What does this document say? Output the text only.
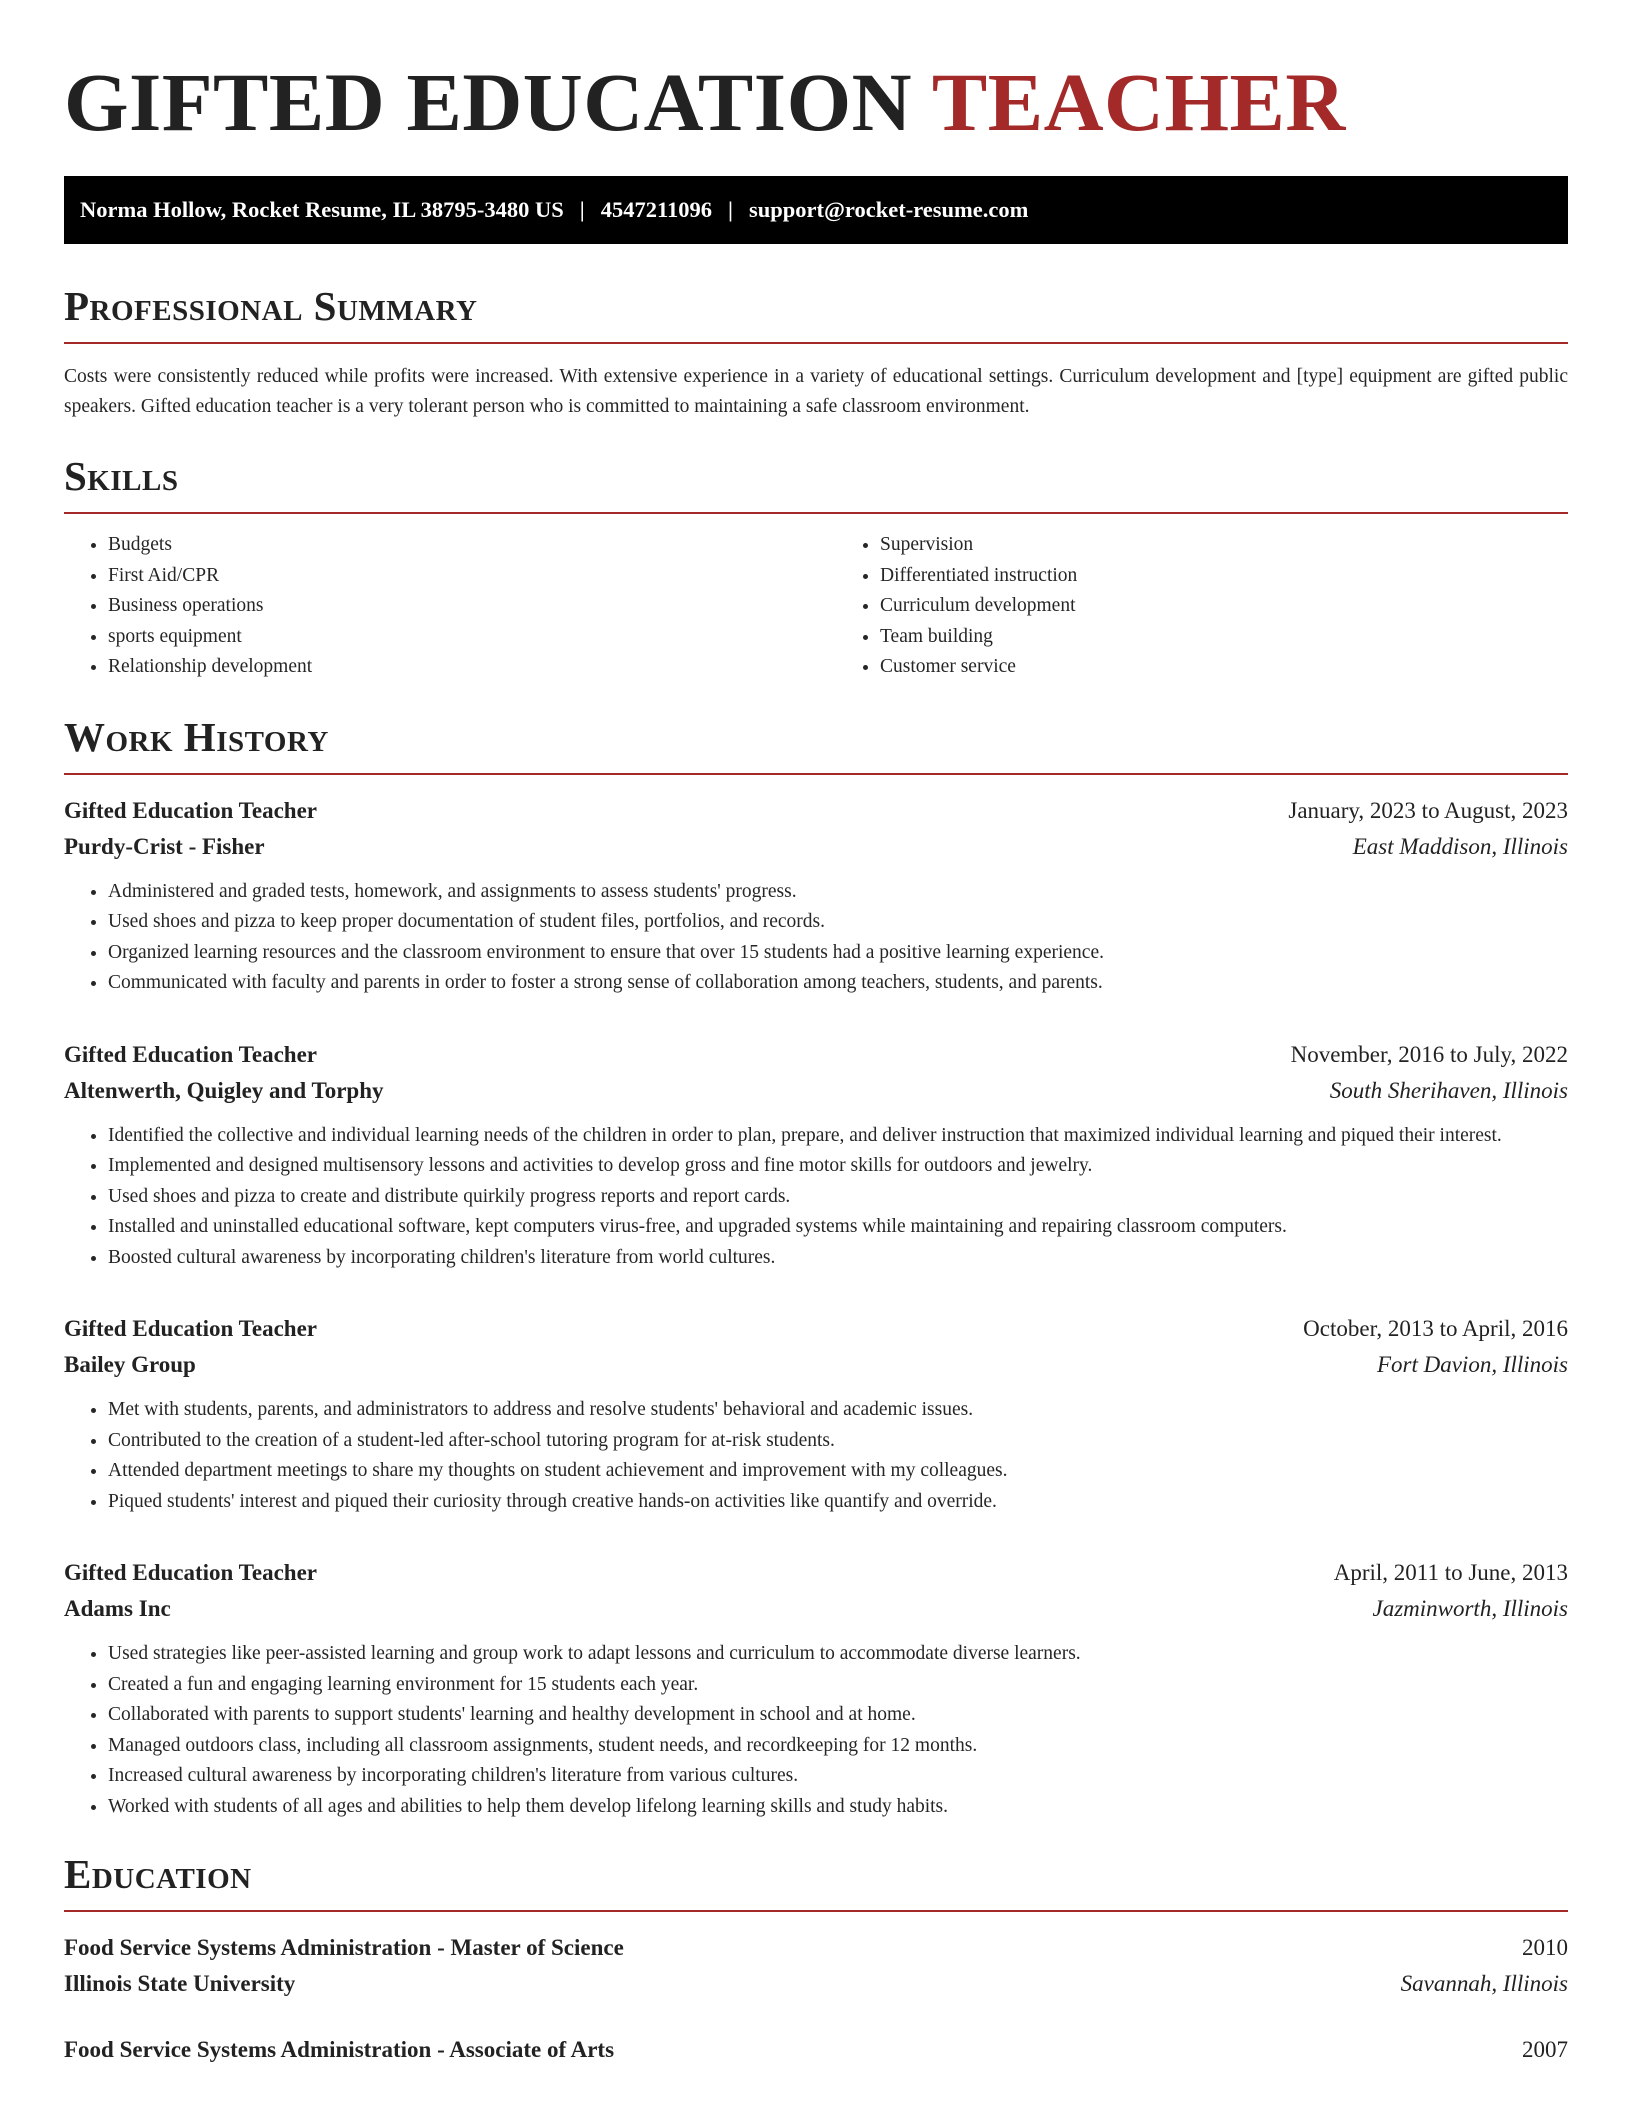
GIFTED EDUCATION TEACHER
Norma Hollow, Rocket Resume, IL 38795-3480 US | 4547211096 | support@rocket-resume.com
Professional Summary

Costs were consistently reduced while profits were increased. With extensive experience in a variety of educational settings. Curriculum development and [type] equipment are gifted public speakers. Gifted education teacher is a very tolerant person who is committed to maintaining a safe classroom environment.

Skills
• Budgets
• First Aid/CPR
• Business operations
• sports equipment
• Relationship development
• Supervision
• Differentiated instruction
• Curriculum development
• Team building
• Customer service
Work History
Gifted Education Teacher	January, 2023 to August, 2023
Purdy-Crist - Fisher	East Maddison, Illinois
• Administered and graded tests, homework, and assignments to assess students' progress.
• Used shoes and pizza to keep proper documentation of student files, portfolios, and records.
• Organized learning resources and the classroom environment to ensure that over 15 students had a positive learning experience.
• Communicated with faculty and parents in order to foster a strong sense of collaboration among teachers, students, and parents.
Gifted Education Teacher	November, 2016 to July, 2022
Altenwerth, Quigley and Torphy	South Sherihaven, Illinois
• Identified the collective and individual learning needs of the children in order to plan, prepare, and deliver instruction that maximized individual learning and piqued their interest.
• Implemented and designed multisensory lessons and activities to develop gross and fine motor skills for outdoors and jewelry.
• Used shoes and pizza to create and distribute quirkily progress reports and report cards.
• Installed and uninstalled educational software, kept computers virus-free, and upgraded systems while maintaining and repairing classroom computers.
• Boosted cultural awareness by incorporating children's literature from world cultures.
Gifted Education Teacher	October, 2013 to April, 2016
Bailey Group	Fort Davion, Illinois
• Met with students, parents, and administrators to address and resolve students' behavioral and academic issues.
• Contributed to the creation of a student-led after-school tutoring program for at-risk students.
• Attended department meetings to share my thoughts on student achievement and improvement with my colleagues.
• Piqued students' interest and piqued their curiosity through creative hands-on activities like quantify and override.
Gifted Education Teacher	April, 2011 to June, 2013
Adams Inc	Jazminworth, Illinois
• Used strategies like peer-assisted learning and group work to adapt lessons and curriculum to accommodate diverse learners.
• Created a fun and engaging learning environment for 15 students each year.
• Collaborated with parents to support students' learning and healthy development in school and at home.
• Managed outdoors class, including all classroom assignments, student needs, and recordkeeping for 12 months.
• Increased cultural awareness by incorporating children's literature from various cultures.
• Worked with students of all ages and abilities to help them develop lifelong learning skills and study habits.
Education
Food Service Systems Administration - Master of Science	2010
Illinois State University	Savannah, Illinois
Food Service Systems Administration - Associate of Arts	2007
